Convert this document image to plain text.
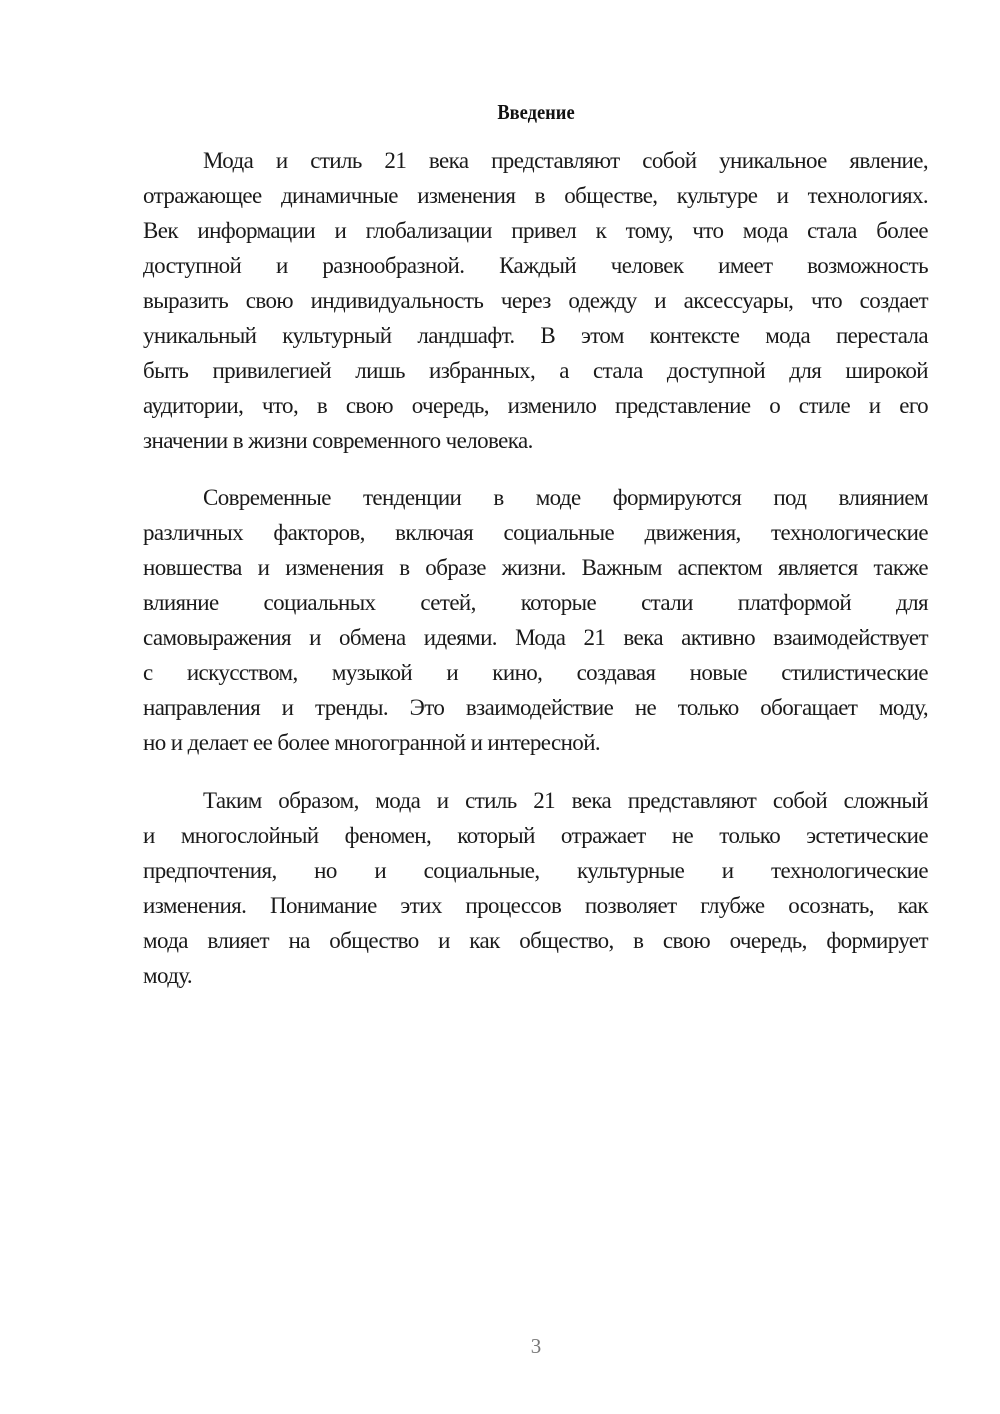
Введение
Мода и стиль 21 века представляют собой уникальное явление,
отражающее динамичные изменения в обществе, культуре и технологиях.
Век информации и глобализации привел к тому, что мода стала более
доступной и разнообразной. Каждый человек имеет возможность
выразить свою индивидуальность через одежду и аксессуары, что создает
уникальный культурный ландшафт. В этом контексте мода перестала
быть привилегией лишь избранных, а стала доступной для широкой
аудитории, что, в свою очередь, изменило представление о стиле и его
значении в жизни современного человека.
Современные тенденции в моде формируются под влиянием
различных факторов, включая социальные движения, технологические
новшества и изменения в образе жизни. Важным аспектом является также
влияние социальных сетей, которые стали платформой для
самовыражения и обмена идеями. Мода 21 века активно взаимодействует
с искусством, музыкой и кино, создавая новые стилистические
направления и тренды. Это взаимодействие не только обогащает моду,
но и делает ее более многогранной и интересной.
Таким образом, мода и стиль 21 века представляют собой сложный
и многослойный феномен, который отражает не только эстетические
предпочтения, но и социальные, культурные и технологические
изменения. Понимание этих процессов позволяет глубже осознать, как
мода влияет на общество и как общество, в свою очередь, формирует
моду.
3
